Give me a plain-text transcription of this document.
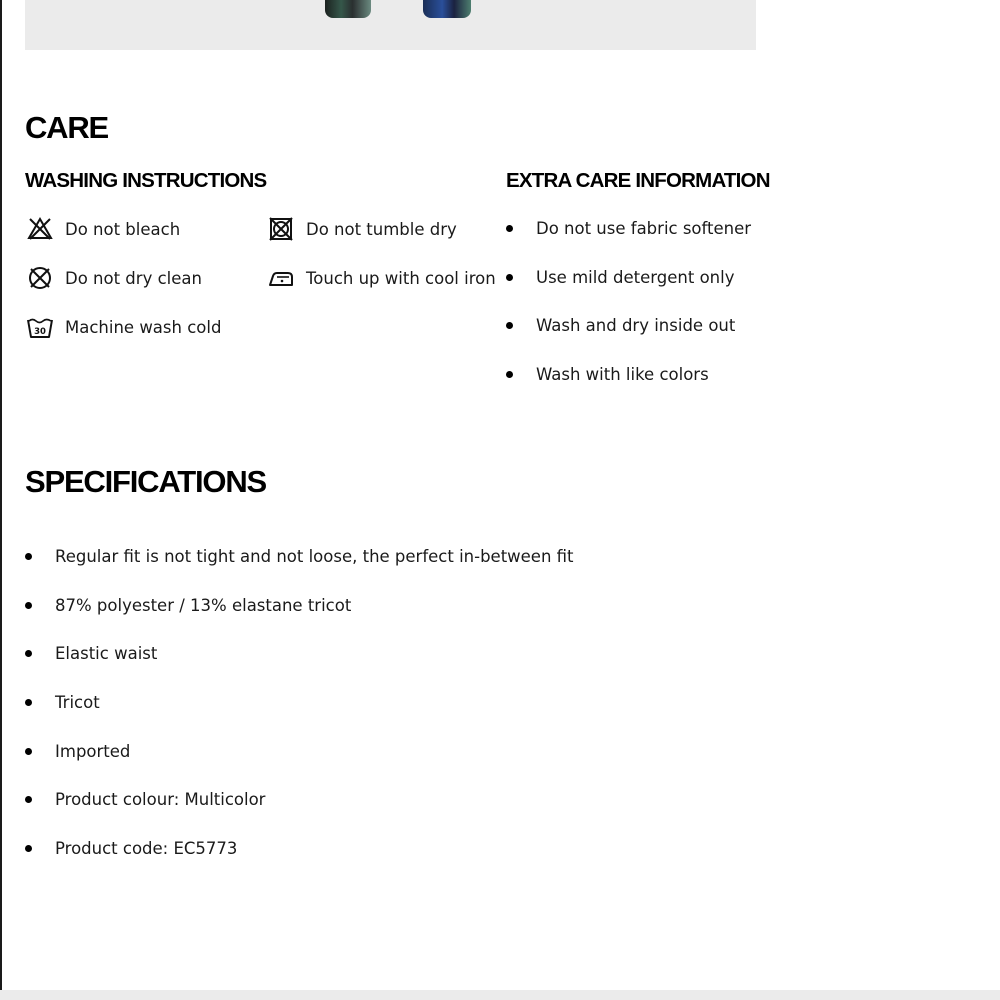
CARE
WASHING INSTRUCTIONS	EXTRA CARE INFORMATION
Do not bleach	Do not tumble dry
Do not dry clean	Touch up with cool iron
30 Machine wash cold
Do not use fabric softener
Use mild detergent only
Wash and dry inside out
Wash with like colors
SPECIFICATIONS
Regular fit is not tight and not loose, the perfect in-between fit
87% polyester / 13% elastane tricot
Elastic waist
Tricot
Imported
Product colour: Multicolor
Product code: EC5773
